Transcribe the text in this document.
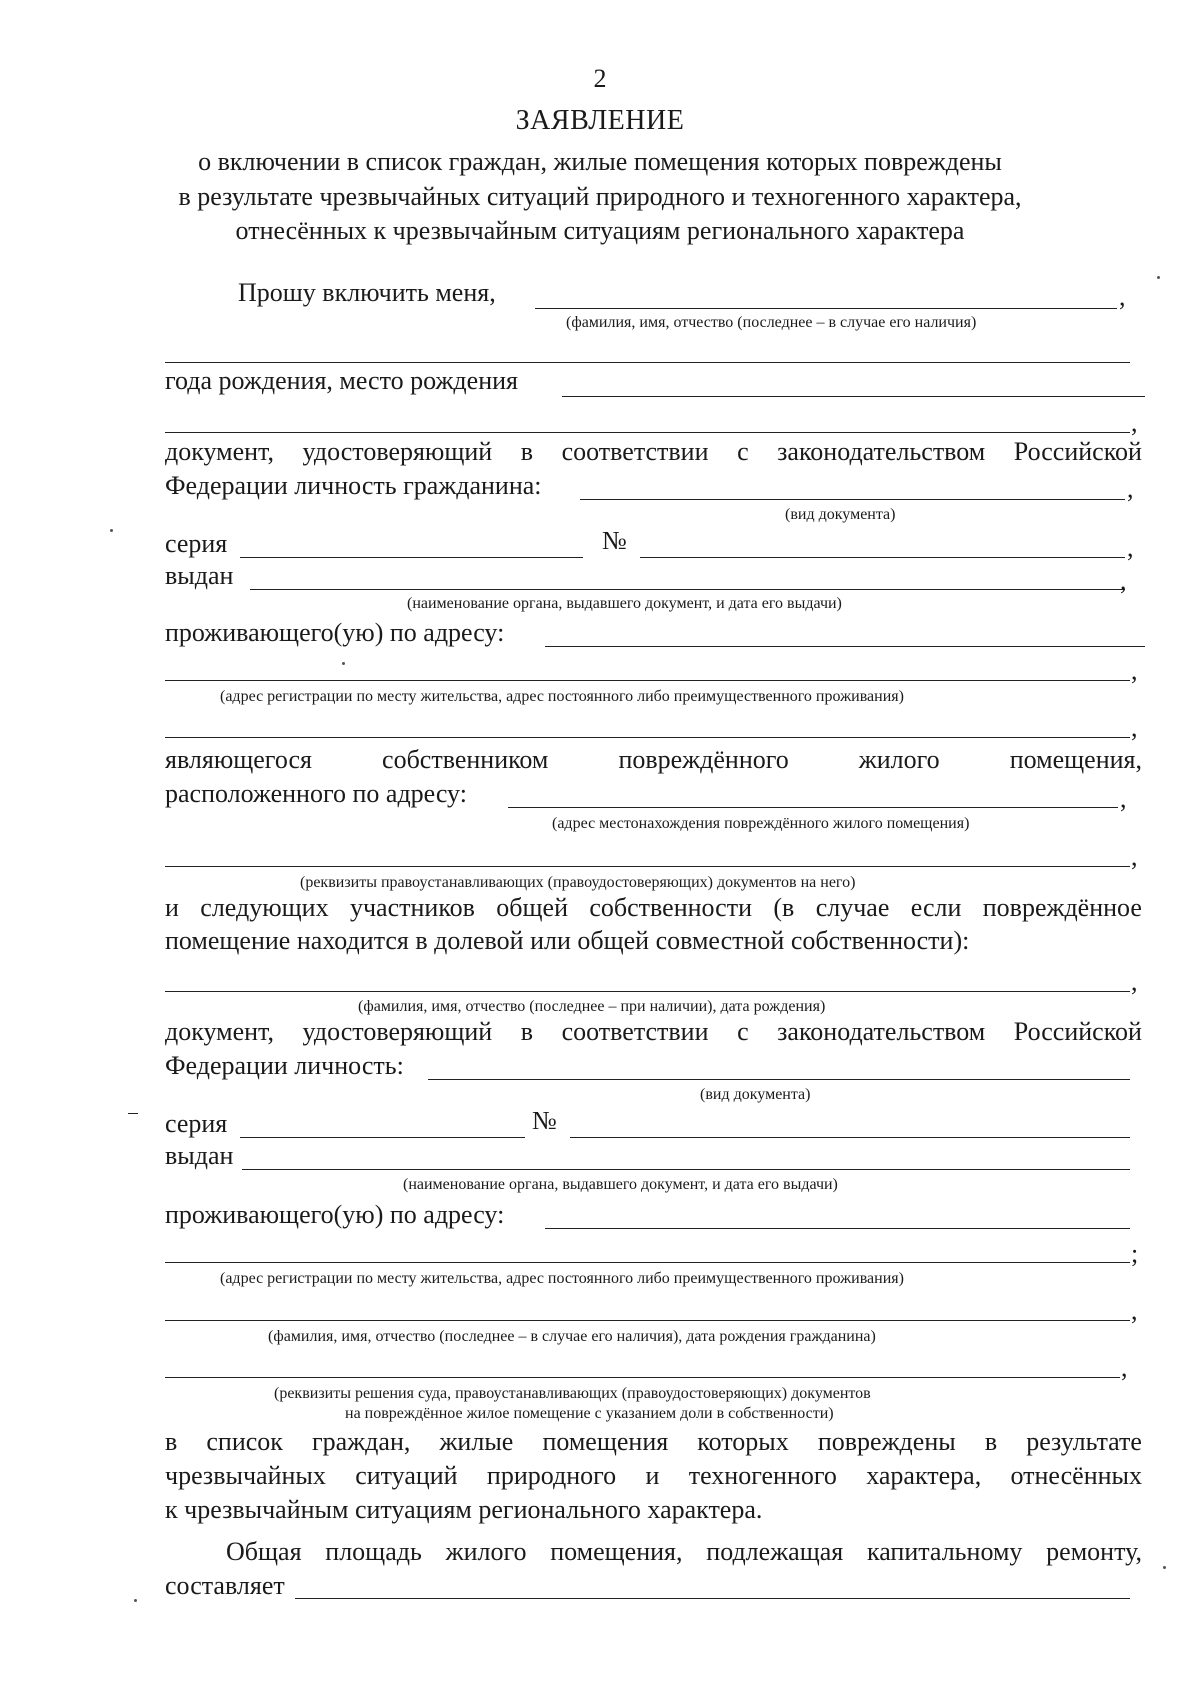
2
ЗАЯВЛЕНИЕ
о включении в список граждан, жилые помещения которых повреждены
в результате чрезвычайных ситуаций природного и техногенного характера,
отнесённых к чрезвычайным ситуациям регионального характера
Прошу включить меня,	,
(фамилия, имя, отчество (последнее – в случае его наличия)
года рождения, место рождения
,
документ, удостоверяющий в соответствии с законодательством Российской
Федерации личность гражданина:	,
(вид документа)
серия	№	,
выдан	,
(наименование органа, выдавшего документ, и дата его выдачи)
проживающего(ую) по адресу:
,
(адрес регистрации по месту жительства, адрес постоянного либо преимущественного проживания)
,
являющегося	собственником	повреждённого	жилого	помещения,
расположенного по адресу:	,
(адрес местонахождения повреждённого жилого помещения)
,
(реквизиты правоустанавливающих (правоудостоверяющих) документов на него)
и следующих участников общей собственности (в случае если повреждённое
помещение находится в долевой или общей совместной собственности):
,
(фамилия, имя, отчество (последнее – при наличии), дата рождения)
документ, удостоверяющий в соответствии с законодательством Российской
Федерации личность:
(вид документа)
серия	№
выдан
(наименование органа, выдавшего документ, и дата его выдачи)
проживающего(ую) по адресу:
;
(адрес регистрации по месту жительства, адрес постоянного либо преимущественного проживания)
,
(фамилия, имя, отчество (последнее – в случае его наличия), дата рождения гражданина)
,
(реквизиты решения суда, правоустанавливающих (правоудостоверяющих) документов
на повреждённое жилое помещение с указанием доли в собственности)
в список граждан, жилые помещения которых повреждены в результате
чрезвычайных ситуаций природного и техногенного характера, отнесённых
к чрезвычайным ситуациям регионального характера.
Общая площадь жилого помещения, подлежащая капитальному ремонту,
составляет
